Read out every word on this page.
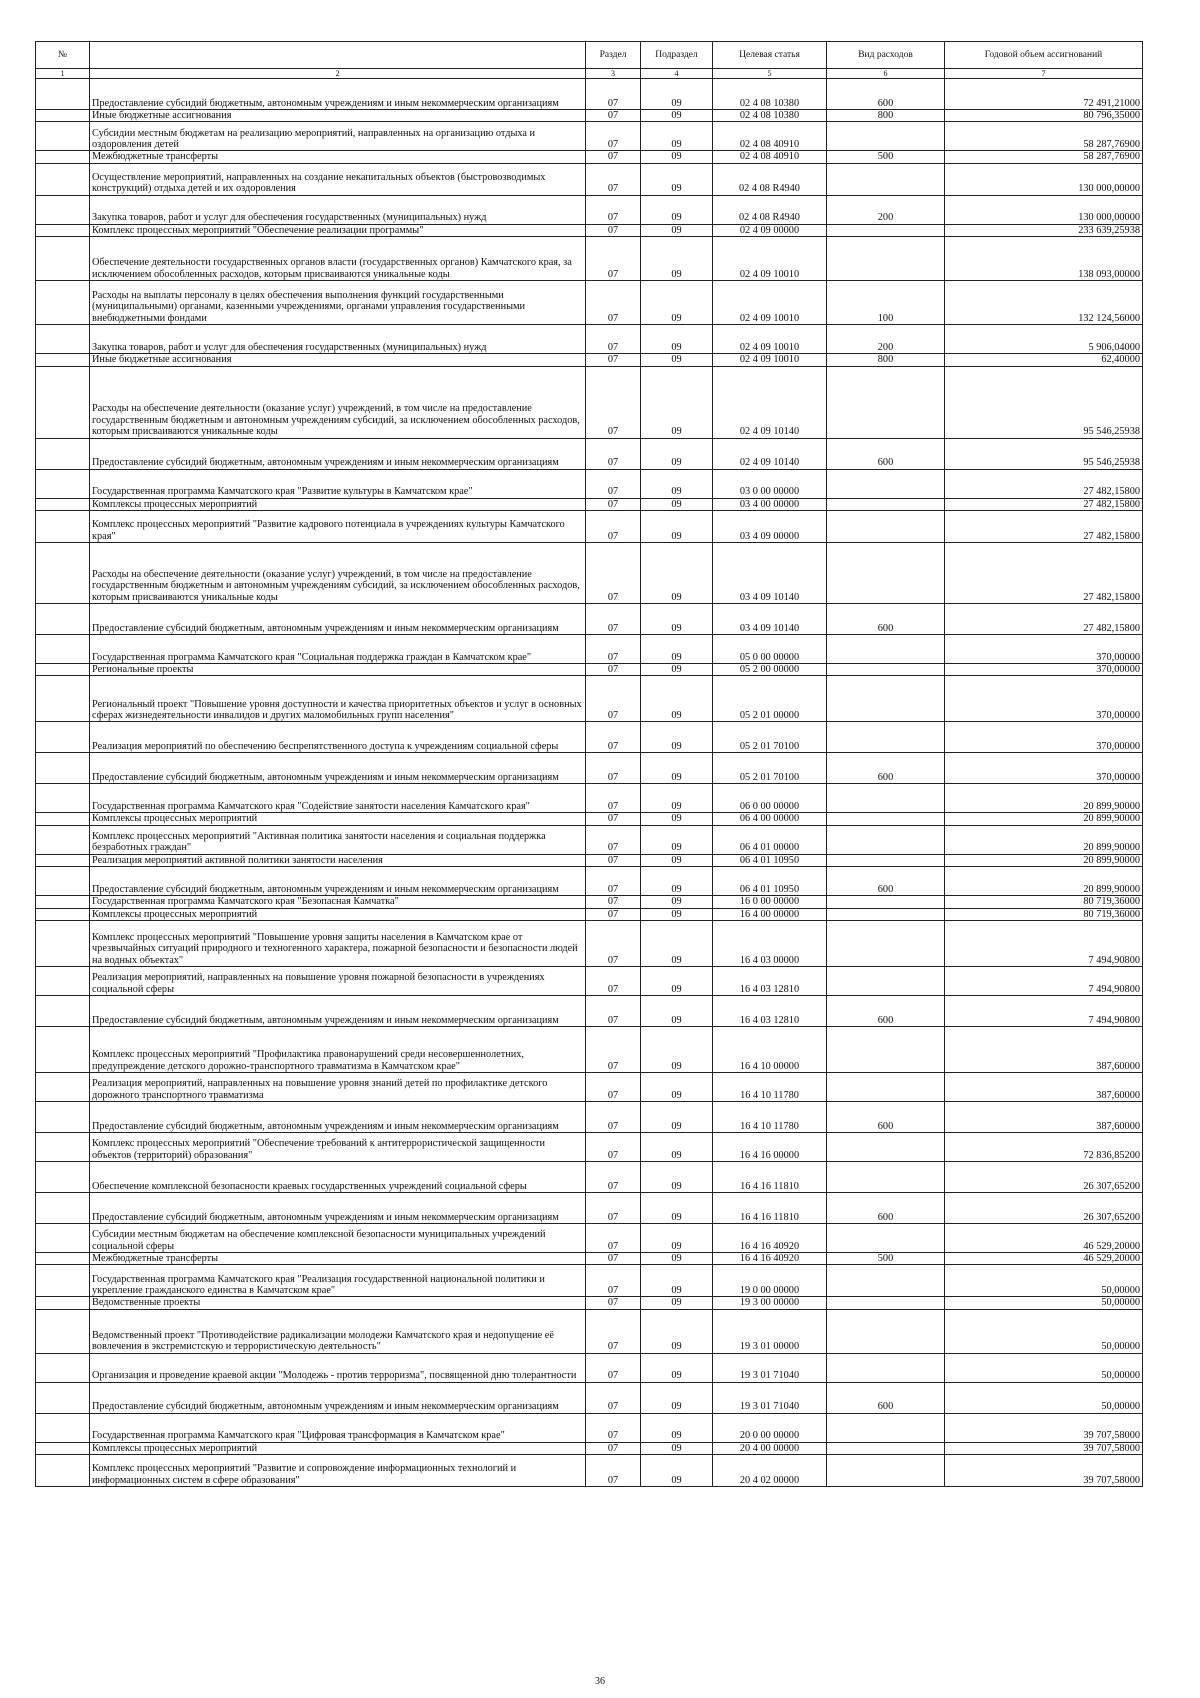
№		Раздел	Подраздел	Целевая статья	Вид расходов	Годовой объем ассигнований
1	2	3	4	5	6	7
	Предоставление субсидий бюджетным, автономным учреждениям и иным некоммерческим организациям	07	09	02 4 08 10380	600	72 491,21000
	Иные бюджетные ассигнования	07	09	02 4 08 10380	800	80 796,35000
	Субсидии местным бюджетам на реализацию мероприятий, направленных на организацию отдыха и оздоровления детей	07	09	02 4 08 40910		58 287,76900
	Межбюджетные трансферты	07	09	02 4 08 40910	500	58 287,76900
	Осуществление мероприятий, направленных на создание некапитальных объектов (быстровозводимых конструкций) отдыха детей и их оздоровления	07	09	02 4 08 R4940		130 000,00000
	Закупка товаров, работ и услуг для обеспечения государственных (муниципальных) нужд	07	09	02 4 08 R4940	200	130 000,00000
	Комплекс процессных мероприятий "Обеспечение реализации программы"	07	09	02 4 09 00000		233 639,25938
	Обеспечение деятельности государственных органов власти (государственных органов) Камчатского края, за исключением обособленных расходов, которым присваиваются уникальные коды	07	09	02 4 09 10010		138 093,00000
	Расходы на выплаты персоналу в целях обеспечения выполнения функций государственными (муниципальными) органами, казенными учреждениями, органами управления государственными внебюджетными фондами	07	09	02 4 09 10010	100	132 124,56000
	Закупка товаров, работ и услуг для обеспечения государственных (муниципальных) нужд	07	09	02 4 09 10010	200	5 906,04000
	Иные бюджетные ассигнования	07	09	02 4 09 10010	800	62,40000
	Расходы на обеспечение деятельности (оказание услуг) учреждений, в том числе на предоставление государственным бюджетным и автономным учреждениям субсидий, за исключением обособленных расходов, которым присваиваются уникальные коды	07	09	02 4 09 10140		95 546,25938
	Предоставление субсидий бюджетным, автономным учреждениям и иным некоммерческим организациям	07	09	02 4 09 10140	600	95 546,25938
	Государственная программа Камчатского края "Развитие культуры в Камчатском крае"	07	09	03 0 00 00000		27 482,15800
	Комплексы процессных мероприятий	07	09	03 4 00 00000		27 482,15800
	Комплекс процессных мероприятий "Развитие кадрового потенциала в учреждениях культуры Камчатского края"	07	09	03 4 09 00000		27 482,15800
	Расходы на обеспечение деятельности (оказание услуг) учреждений, в том числе на предоставление государственным бюджетным и автономным учреждениям субсидий, за исключением обособленных расходов, которым присваиваются уникальные коды	07	09	03 4 09 10140		27 482,15800
	Предоставление субсидий бюджетным, автономным учреждениям и иным некоммерческим организациям	07	09	03 4 09 10140	600	27 482,15800
	Государственная программа Камчатского края "Социальная поддержка граждан в Камчатском крае"	07	09	05 0 00 00000		370,00000
	Региональные проекты	07	09	05 2 00 00000		370,00000
	Региональный проект "Повышение уровня доступности и качества приоритетных объектов и услуг в основных сферах жизнедеятельности инвалидов и других маломобильных групп населения"	07	09	05 2 01 00000		370,00000
	Реализация мероприятий по обеспечению беспрепятственного доступа к учреждениям социальной сферы	07	09	05 2 01 70100		370,00000
	Предоставление субсидий бюджетным, автономным учреждениям и иным некоммерческим организациям	07	09	05 2 01 70100	600	370,00000
	Государственная программа Камчатского края "Содействие занятости населения Камчатского края"	07	09	06 0 00 00000		20 899,90000
	Комплексы процессных мероприятий	07	09	06 4 00 00000		20 899,90000
	Комплекс процессных мероприятий "Активная политика занятости населения и социальная поддержка безработных граждан"	07	09	06 4 01 00000		20 899,90000
	Реализация мероприятий активной политики занятости населения	07	09	06 4 01 10950		20 899,90000
	Предоставление субсидий бюджетным, автономным учреждениям и иным некоммерческим организациям	07	09	06 4 01 10950	600	20 899,90000
	Государственная программа Камчатского края "Безопасная Камчатка"	07	09	16 0 00 00000		80 719,36000
	Комплексы процессных мероприятий	07	09	16 4 00 00000		80 719,36000
	Комплекс процессных мероприятий "Повышение уровня защиты населения в Камчатском крае от чрезвычайных ситуаций природного и техногенного характера, пожарной безопасности и безопасности людей на водных объектах"	07	09	16 4 03 00000		7 494,90800
	Реализация мероприятий, направленных на повышение уровня пожарной безопасности в учреждениях социальной сферы	07	09	16 4 03 12810		7 494,90800
	Предоставление субсидий бюджетным, автономным учреждениям и иным некоммерческим организациям	07	09	16 4 03 12810	600	7 494,90800
	Комплекс процессных мероприятий "Профилактика правонарушений среди несовершеннолетних, предупреждение детского дорожно-транспортного травматизма в Камчатском крае"	07	09	16 4 10 00000		387,60000
	Реализация мероприятий, направленных на повышение уровня знаний детей по профилактике детского дорожного транспортного травматизма	07	09	16 4 10 11780		387,60000
	Предоставление субсидий бюджетным, автономным учреждениям и иным некоммерческим организациям	07	09	16 4 10 11780	600	387,60000
	Комплекс процессных мероприятий "Обеспечение требований к антитеррористической защищенности объектов (территорий) образования"	07	09	16 4 16 00000		72 836,85200
	Обеспечение комплексной безопасности краевых государственных учреждений социальной сферы	07	09	16 4 16 11810		26 307,65200
	Предоставление субсидий бюджетным, автономным учреждениям и иным некоммерческим организациям	07	09	16 4 16 11810	600	26 307,65200
	Субсидии местным бюджетам на обеспечение комплексной безопасности муниципальных учреждений социальной сферы	07	09	16 4 16 40920		46 529,20000
	Межбюджетные трансферты	07	09	16 4 16 40920	500	46 529,20000
	Государственная программа Камчатского края "Реализация государственной национальной политики и укрепление гражданского единства в Камчатском крае"	07	09	19 0 00 00000		50,00000
	Ведомственные проекты	07	09	19 3 00 00000		50,00000
	Ведомственный проект "Противодействие радикализации молодежи Камчатского края и недопущение её вовлечения в экстремистскую и террористическую деятельность"	07	09	19 3 01 00000		50,00000
	Организация и проведение краевой акции "Молодежь - против терроризма", посвященной дню толерантности	07	09	19 3 01 71040		50,00000
	Предоставление субсидий бюджетным, автономным учреждениям и иным некоммерческим организациям	07	09	19 3 01 71040	600	50,00000
	Государственная программа Камчатского края "Цифровая трансформация в Камчатском крае"	07	09	20 0 00 00000		39 707,58000
	Комплексы процессных мероприятий	07	09	20 4 00 00000		39 707,58000
	Комплекс процессных мероприятий "Развитие и сопровождение информационных технологий и информационных систем в сфере образования"	07	09	20 4 02 00000		39 707,58000
36
